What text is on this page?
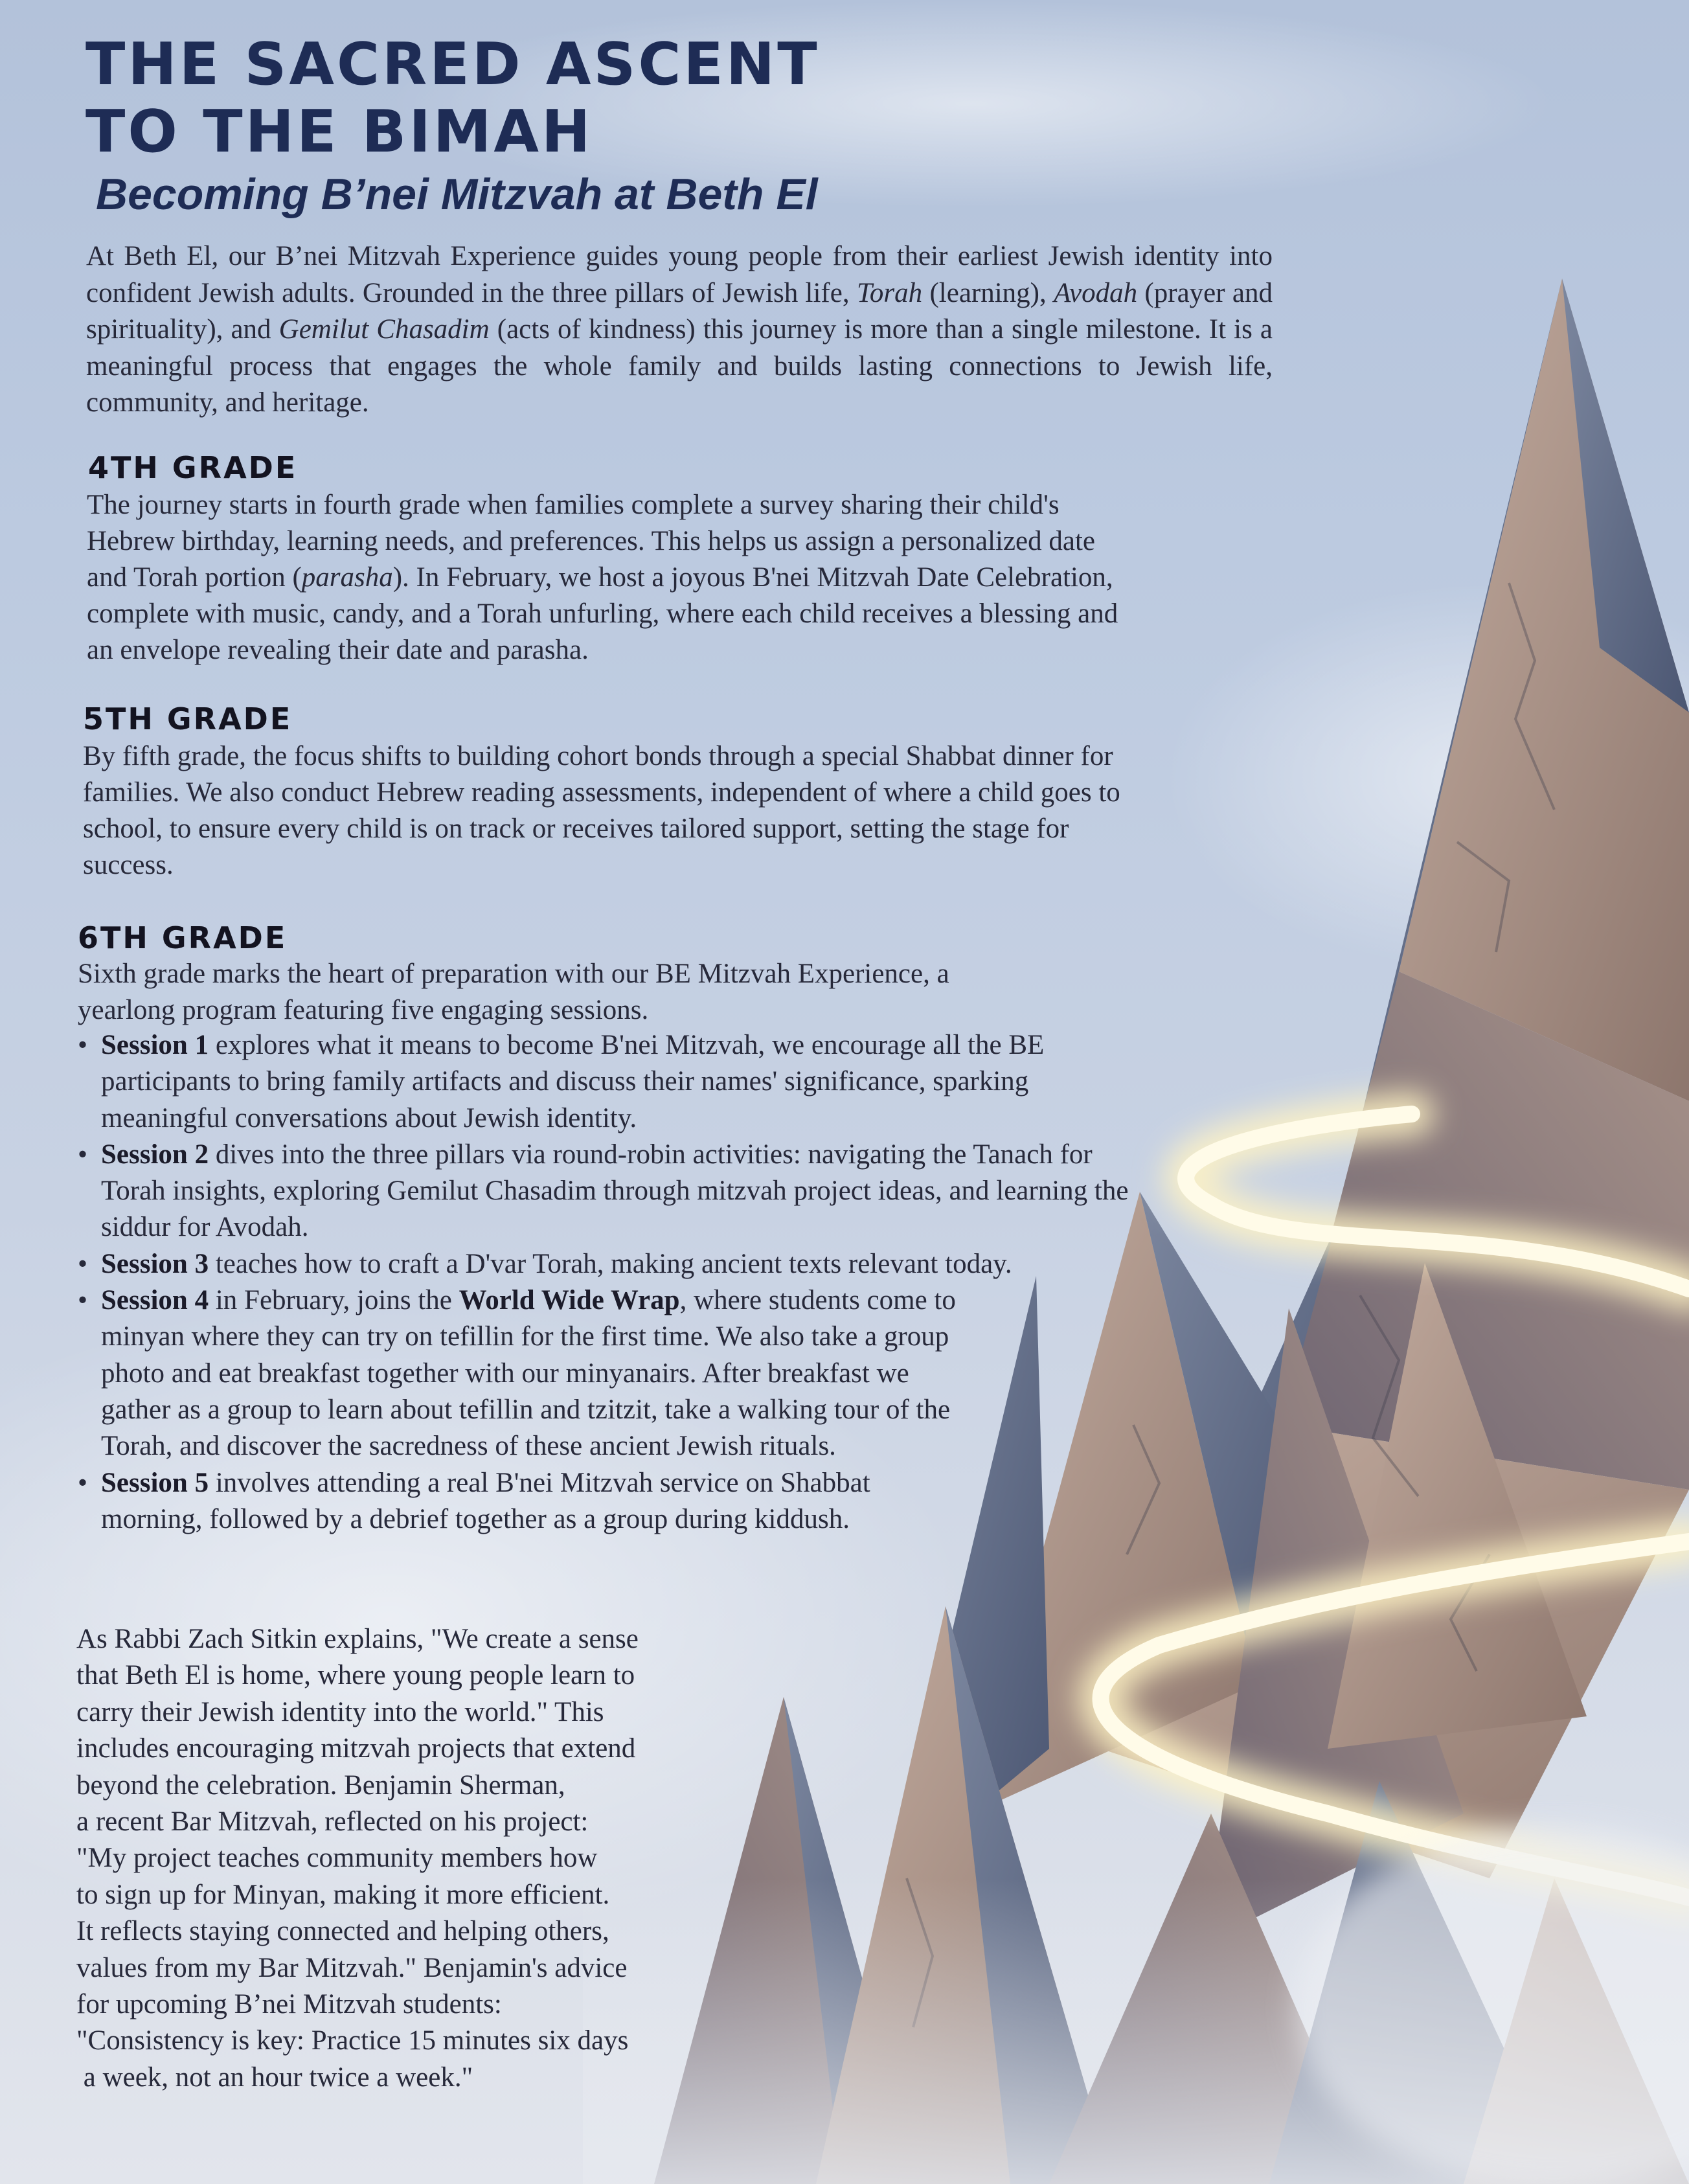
THE SACRED ASCENT
TO THE BIMAH
Becoming B’nei Mitzvah at Beth El

At Beth El, our B’nei Mitzvah Experience guides young people from their earliest Jewish identity into confident Jewish adults. Grounded in the three pillars of Jewish life, Torah (learning), Avodah (prayer and spirituality), and Gemilut Chasadim (acts of kindness) this journey is more than a single milestone. It is a meaningful process that engages the whole family and builds lasting connections to Jewish life, community, and heritage.

4TH GRADE

The journey starts in fourth grade when families complete a survey sharing their child's Hebrew birthday, learning needs, and preferences. This helps us assign a personalized date and Torah portion (parasha). In February, we host a joyous B'nei Mitzvah Date Celebration, complete with music, candy, and a Torah unfurling, where each child receives a blessing and an envelope revealing their date and parasha.

5TH GRADE

By fifth grade, the focus shifts to building cohort bonds through a special Shabbat dinner for families. We also conduct Hebrew reading assessments, independent of where a child goes to school, to ensure every child is on track or receives tailored support, setting the stage for success.

6TH GRADE

Sixth grade marks the heart of preparation with our BE Mitzvah Experience, a yearlong program featuring five engaging sessions.

• Session 1 explores what it means to become B'nei Mitzvah, we encourage all the BE participants to bring family artifacts and discuss their names' significance, sparking meaningful conversations about Jewish identity.
• Session 2 dives into the three pillars via round-robin activities: navigating the Tanach for Torah insights, exploring Gemilut Chasadim through mitzvah project ideas, and learning the siddur for Avodah.
• Session 3 teaches how to craft a D'var Torah, making ancient texts relevant today.
• Session 4 in February, joins the World Wide Wrap, where students come to minyan where they can try on tefillin for the first time. We also take a group photo and eat breakfast together with our minyanairs. After breakfast we gather as a group to learn about tefillin and tzitzit, take a walking tour of the Torah, and discover the sacredness of these ancient Jewish rituals.
• Session 5 involves attending a real B'nei Mitzvah service on Shabbat morning, followed by a debrief together as a group during kiddush.

As Rabbi Zach Sitkin explains, "We create a sense
that Beth El is home, where young people learn to
carry their Jewish identity into the world." This
includes encouraging mitzvah projects that extend
beyond the celebration. Benjamin Sherman,
a recent Bar Mitzvah, reflected on his project:
"My project teaches community members how
to sign up for Minyan, making it more efficient.
It reflects staying connected and helping others,
values from my Bar Mitzvah." Benjamin's advice
for upcoming B’nei Mitzvah students:
"Consistency is key: Practice 15 minutes six days
a week, not an hour twice a week."
